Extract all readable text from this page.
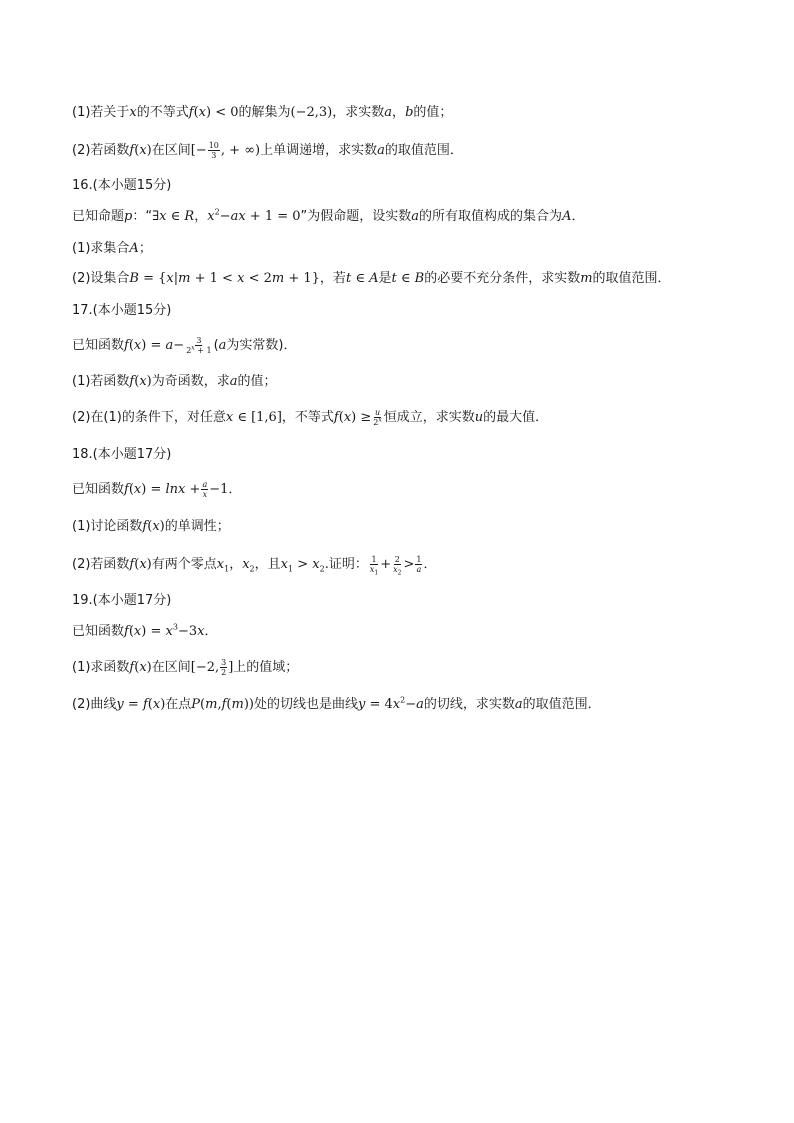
(1)若关于x的不等式f(x) < 0的解集为(−2,3)，求实数a，b的值；
(2)若函数f(x)在区间[− $\frac{10}{3}$ , + ∞)上单调递增，求实数a的取值范围．
16.(本小题15分)
已知命题p：“∃x ∈ R，$x^2-ax + 1 = 0$”为假命题，设实数a的所有取值构成的集合为A．
(1)求集合A；
(2)设集合B = {x|m + 1 < x < 2m + 1}，若t ∈ A是t ∈ B的必要不充分条件，求实数m的取值范围．
17.(本小题15分)
已知函数$f(x) = a- \frac{3}{2^x + 1} (a$为实常数)．
(1)若函数f(x)为奇函数，求a的值；
(2)在(1)的条件下，对任意x ∈ [1,6]，不等式$f(x) \ge \frac{u}{2^x}$ 恒成立，求实数u的最大值．
18.(本小题17分)
已知函数$f(x) = \ln x + \frac{a}{x} -1$．
(1)讨论函数f(x)的单调性；
(2)若函数f(x)有两个零点$x_1$，$x_2$，且$x_1 > x_2$.证明： $\frac{1}{x_1} + \frac{2}{x_2} > \frac{1}{a}$ ．
19.(本小题17分)
已知函数$f(x) = x^3-3x$．
(1)求函数f(x)在区间[−2, $\frac{3}{2}$ ]上的值域；
(2)曲线y = f(x)在点P(m,f(m))处的切线也是曲线$y = 4x^2-a$的切线，求实数a的取值范围．
